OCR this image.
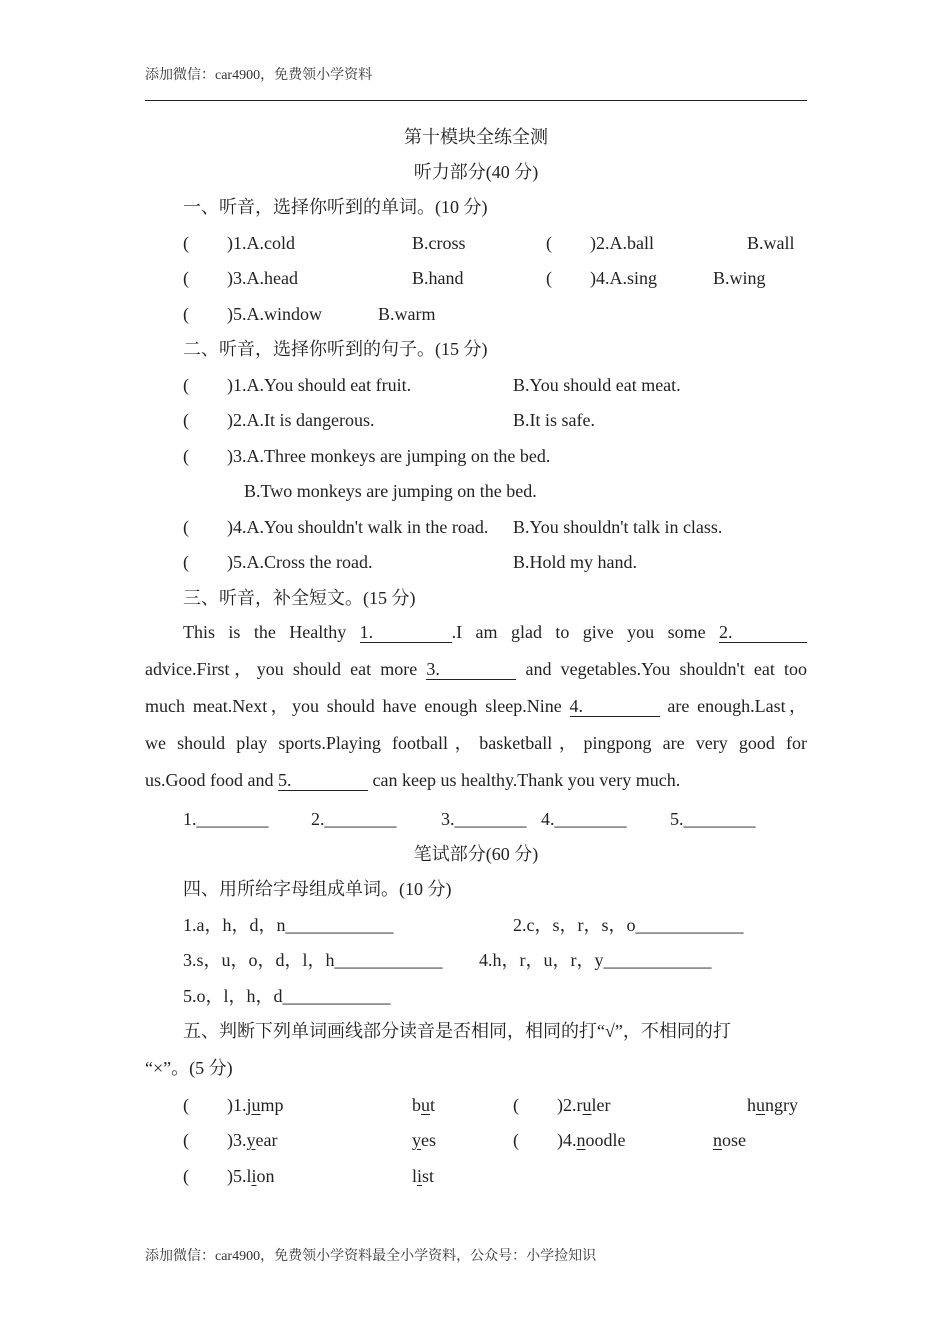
添加微信：car4900，免费领小学资料
第十模块全练全测
听力部分(40 分)
一、听音，选择你听到的单词。(10 分)
( )1.A.cold	B.cross	( )2.A.ball	B.wall
( )3.A.head	B.hand	( )4.A.sing	B.wing
( )5.A.window	B.warm
二、听音，选择你听到的句子。(15 分)
( )1.A.You should eat fruit.	B.You should eat meat.
( )2.A.It is dangerous.	B.It is safe.
( )3.A.Three monkeys are jumping on the bed.
B.Two monkeys are jumping on the bed.
( )4.A.You shouldn't walk in the road. B.You shouldn't talk in class.
( )5.A.Cross the road.	B.Hold my hand.
三、听音，补全短文。(15 分)
This is the Healthy 1.	.I am glad to give you some 2.
advice.First，you should eat more 3.	and vegetables.You shouldn't eat too
much meat.Next，you should have enough sleep.Nine 4.	are enough.Last，
we should play sports.Playing football，basketball，pingpong are very good for
us.Good food and 5.	can keep us healthy.Thank you very much.
1.________ 2.________ 3.________ 4.________ 5.________
笔试部分(60 分)
四、用所给字母组成单词。(10 分)
1.a，h，d，n____________	2.c，s，r，s，o____________
3.s，u，o，d，l，h____________ 4.h，r，u，r，y____________
5.o，l，h，d____________
五、判断下列单词画线部分读音是否相同，相同的打“√”，不相同的打
“×”。(5 分)
( )1.jump	but	( )2.ruler	hungry
( )3.year	yes	( )4.noodle	nose
( )5.lion	list
添加微信：car4900，免费领小学资料最全小学资料，公众号：小学捡知识
